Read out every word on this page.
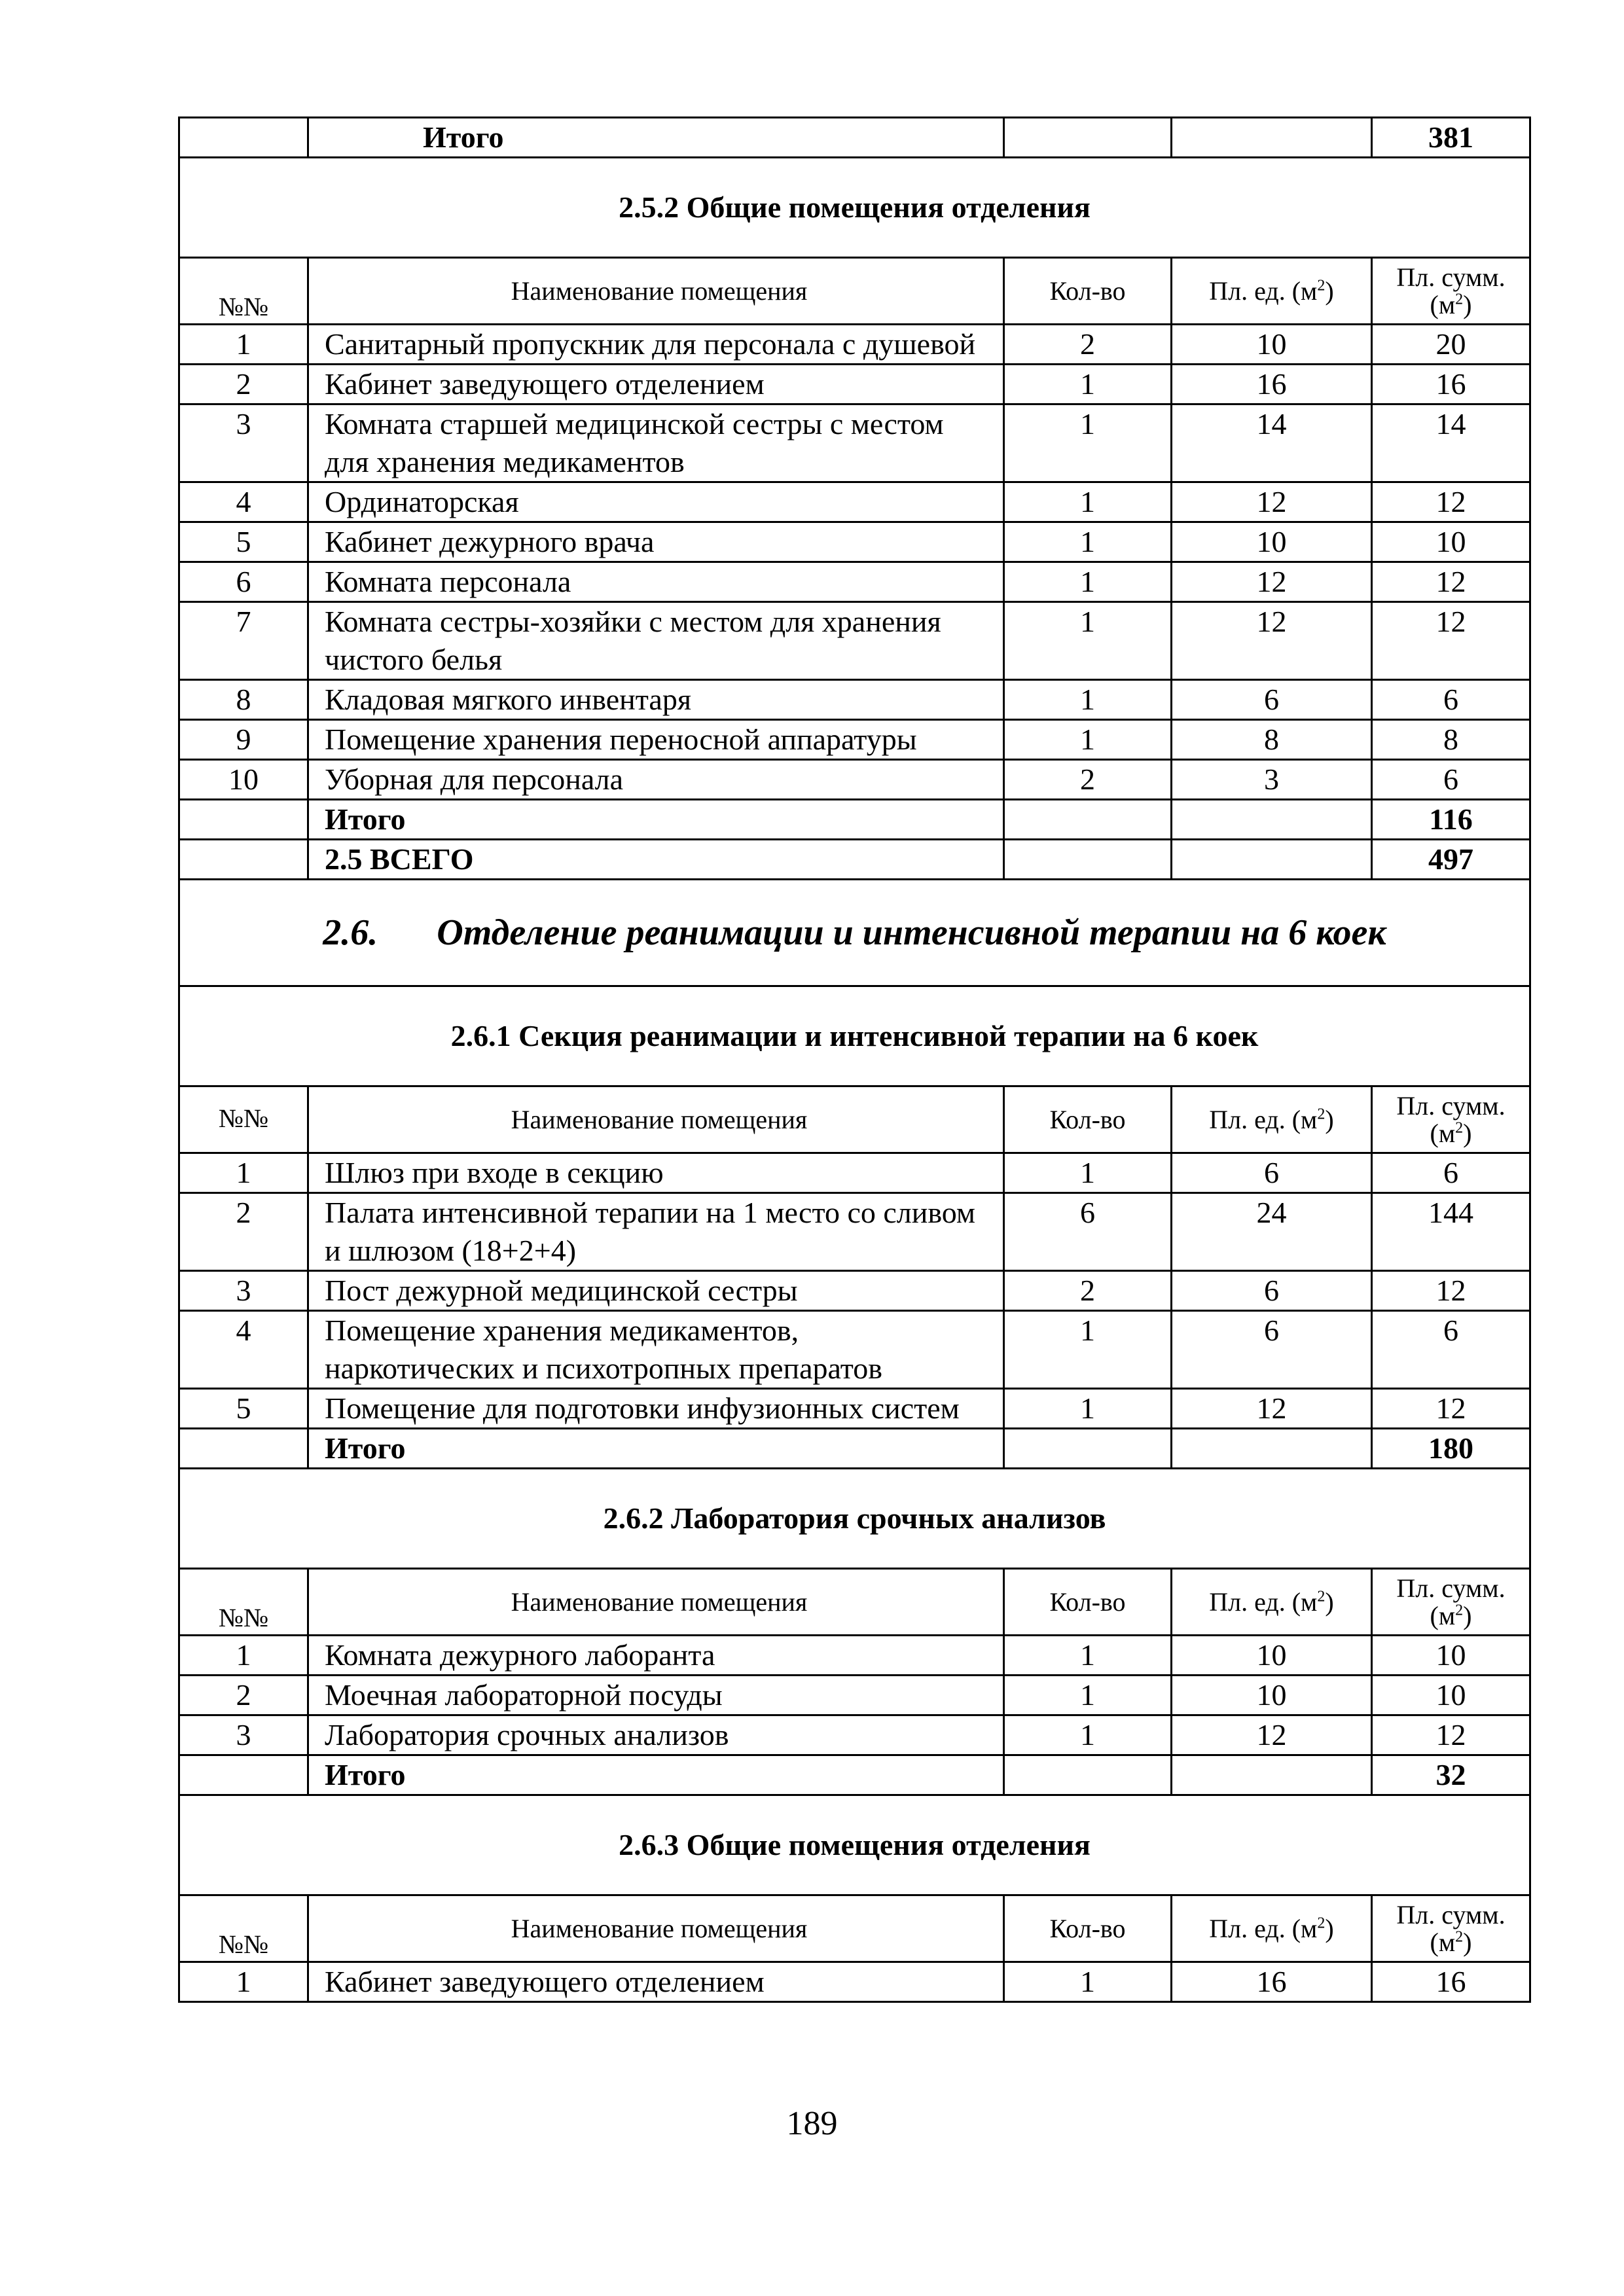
	Итого			381
2.5.2 Общие помещения отделения				
№№	Наименование помещения	Кол-во	Пл. ед. $(м^2)$	Пл. сумм.
$(м^2)$
1	Санитарный пропускник для персонала с душевой	2	10	20
2	Кабинет заведующего отделением	1	16	16
3	Комната старшей медицинской сестры с местом для хранения медикаментов	1	14	14
4	Ординаторская	1	12	12
5	Кабинет дежурного врача	1	10	10
6	Комната персонала	1	12	12
7	Комната сестры-хозяйки с местом для хранения чистого белья	1	12	12
8	Кладовая мягкого инвентаря	1	6	6
9	Помещение хранения переносной аппаратуры	1	8	8
10	Уборная для персонала	2	3	6
	Итого			116
	2.5 ВСЕГО			497
2.6. Отделение реанимации и интенсивной терапии на 6 коек				
2.6.1 Секция реанимации и интенсивной терапии на 6 коек				
№№	Наименование помещения	Кол-во	Пл. ед. $(м^2)$	Пл. сумм.
$(м^2)$
1	Шлюз при входе в секцию	1	6	6
2	Палата интенсивной терапии на 1 место со сливом и шлюзом (18+2+4)	6	24	144
3	Пост дежурной медицинской сестры	2	6	12
4	Помещение хранения медикаментов, наркотических и психотропных препаратов	1	6	6
5	Помещение для подготовки инфузионных систем	1	12	12
	Итого			180
2.6.2 Лаборатория срочных анализов				
№№	Наименование помещения	Кол-во	Пл. ед. $(м^2)$	Пл. сумм.
$(м^2)$
1	Комната дежурного лаборанта	1	10	10
2	Моечная лабораторной посуды	1	10	10
3	Лаборатория срочных анализов	1	12	12
	Итого			32
2.6.3 Общие помещения отделения				
№№	Наименование помещения	Кол-во	Пл. ед. $(м^2)$	Пл. сумм.
$(м^2)$
1	Кабинет заведующего отделением	1	16	16
189
